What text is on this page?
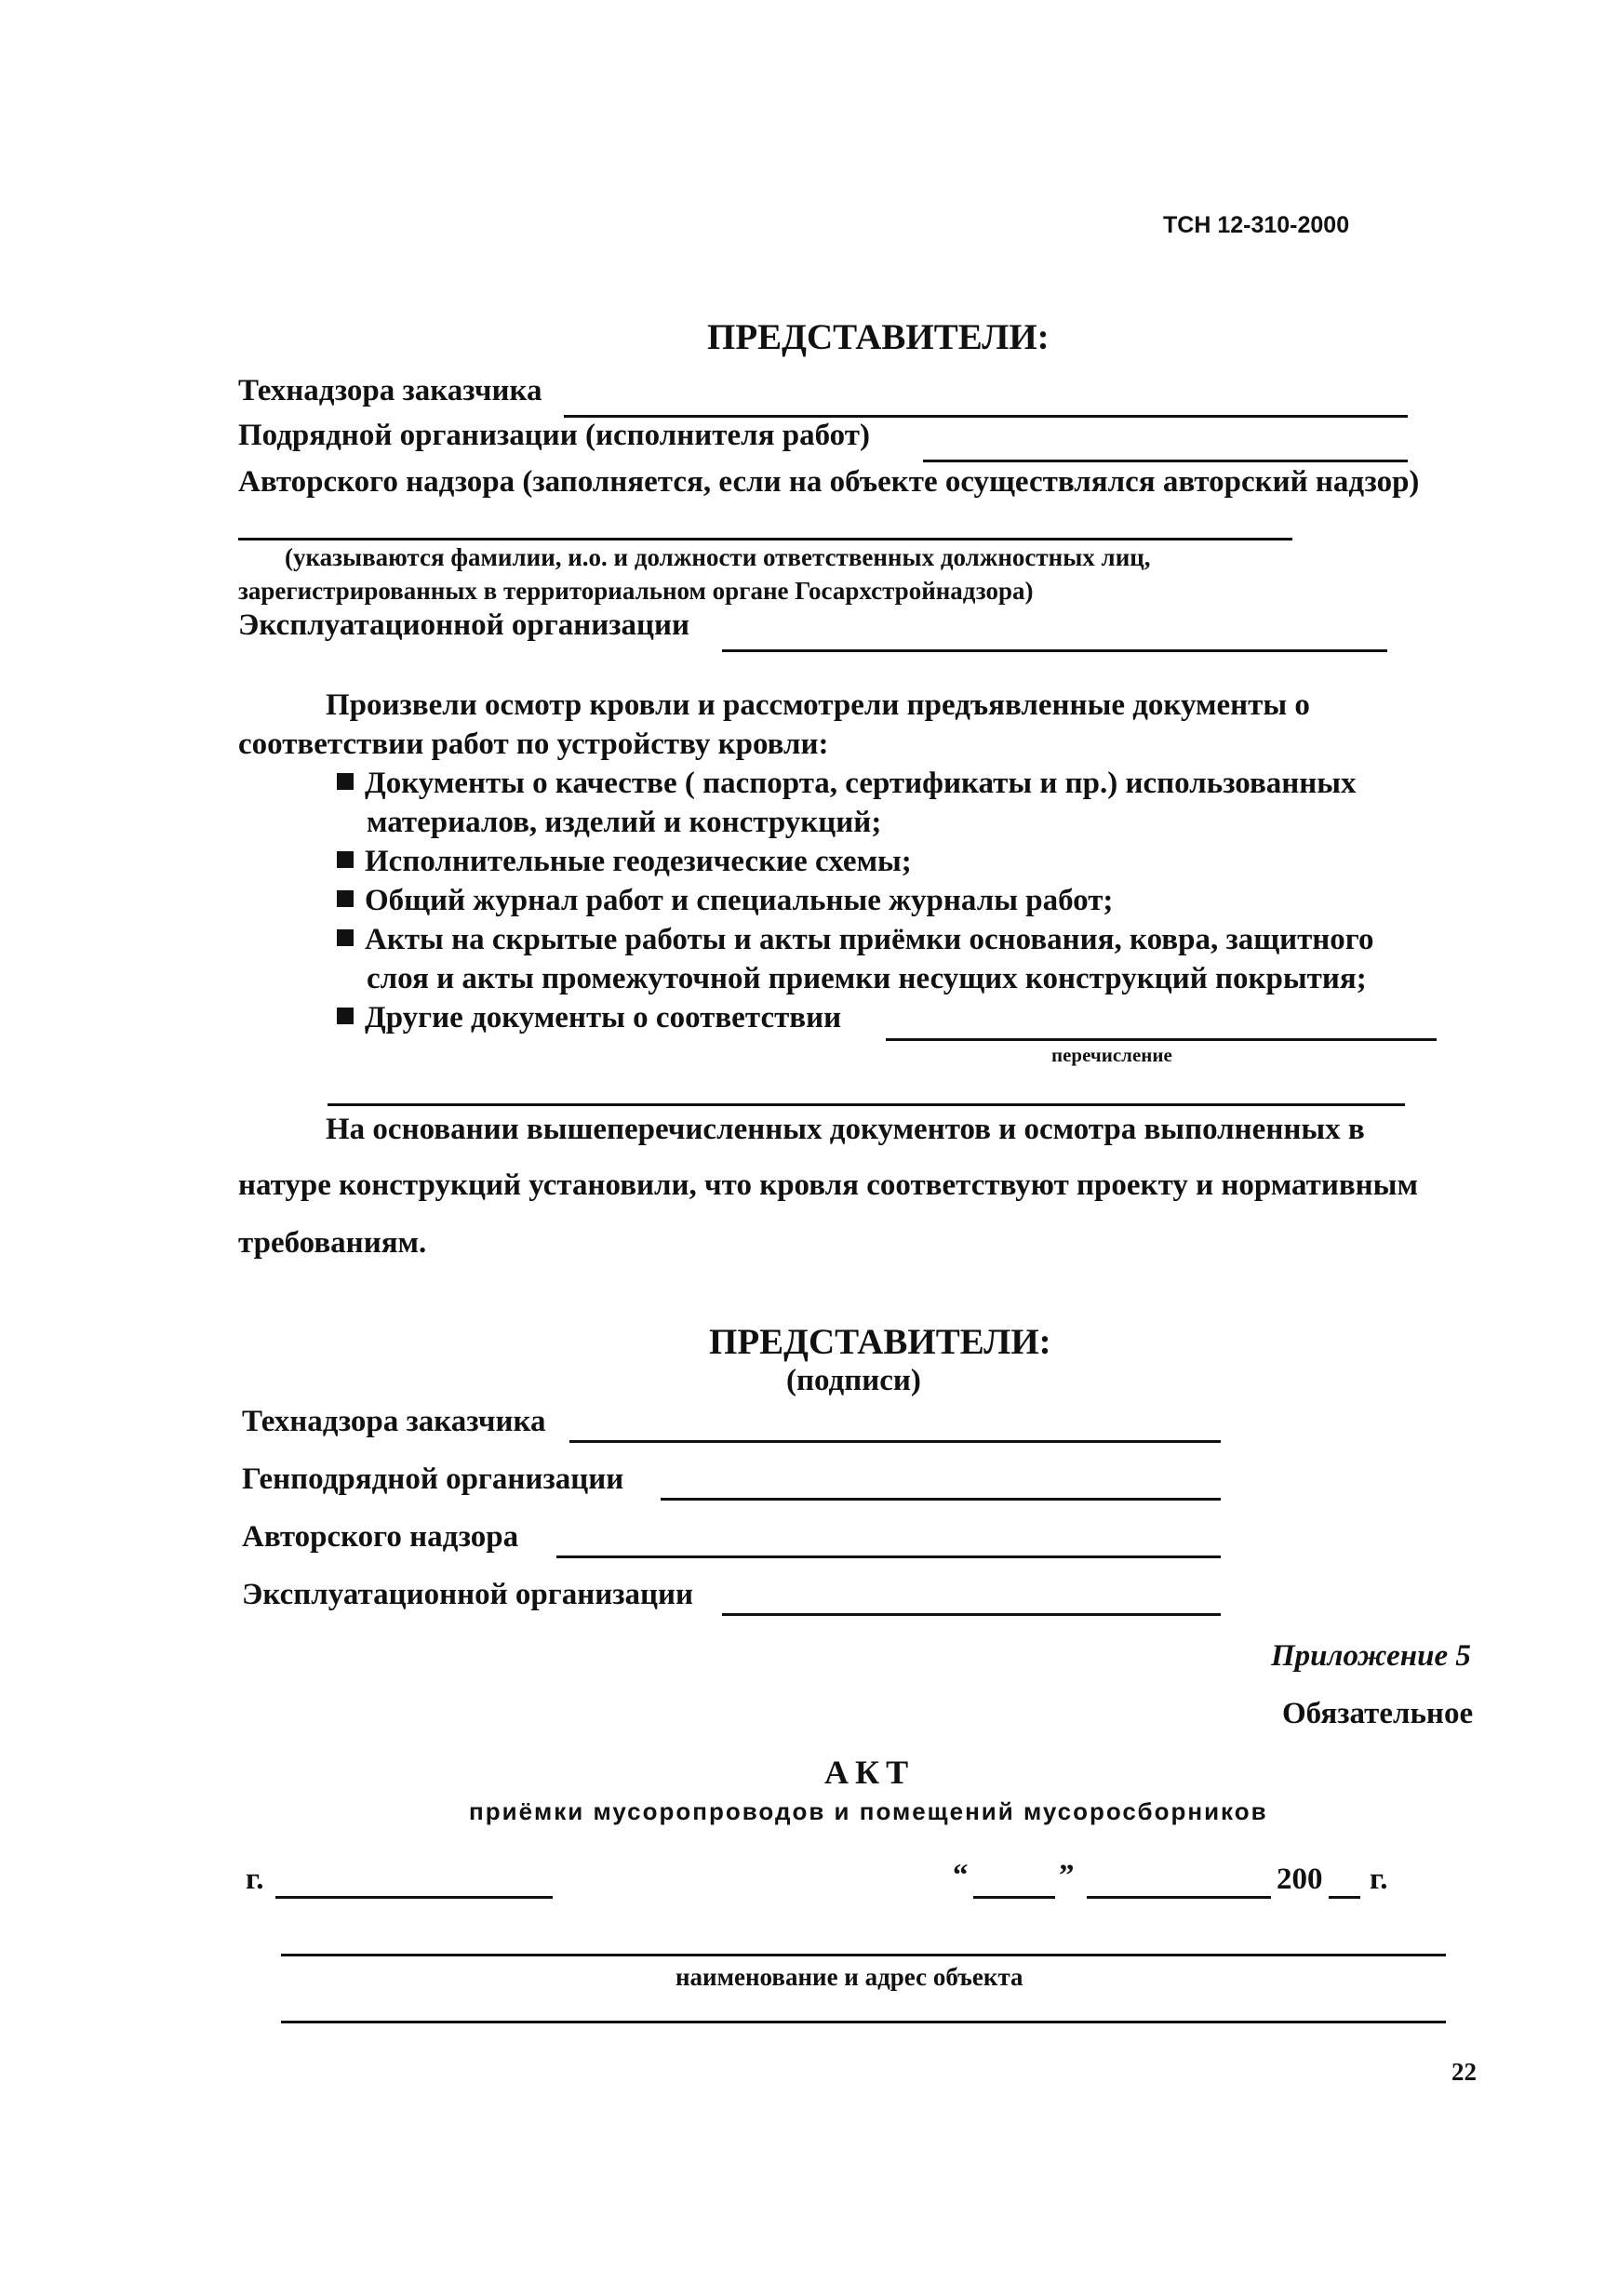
ТСН 12-310-2000
ПРЕДСТАВИТЕЛИ:
Технадзора заказчика
Подрядной организации (исполнителя работ)
Авторского надзора (заполняется, если на объекте осуществлялся авторский надзор)
(указываются фамилии, и.о. и должности ответственных должностных лиц,
зарегистрированных в территориальном органе Госархстройнадзора)
Эксплуатационной организации
Произвели осмотр кровли и рассмотрели предъявленные документы о
соответствии работ по устройству кровли:
Документы о качестве ( паспорта, сертификаты и пр.) использованных
материалов, изделий и конструкций;
Исполнительные геодезические схемы;
Общий журнал работ и специальные журналы работ;
Акты на скрытые работы и акты приёмки основания, ковра, защитного
слоя и акты промежуточной приемки несущих конструкций покрытия;
Другие документы о соответствии
перечисление
На основании вышеперечисленных документов и осмотра выполненных в
натуре конструкций установили, что кровля соответствуют проекту и нормативным
требованиям.
ПРЕДСТАВИТЕЛИ:
(подписи)
Технадзора заказчика
Генподрядной организации
Авторского надзора
Эксплуатационной организации
Приложение 5
Обязательное
АКТ
приёмки мусоропроводов и помещений мусоросборников
г.	“	”	200 г.
наименование и адрес объекта
22
